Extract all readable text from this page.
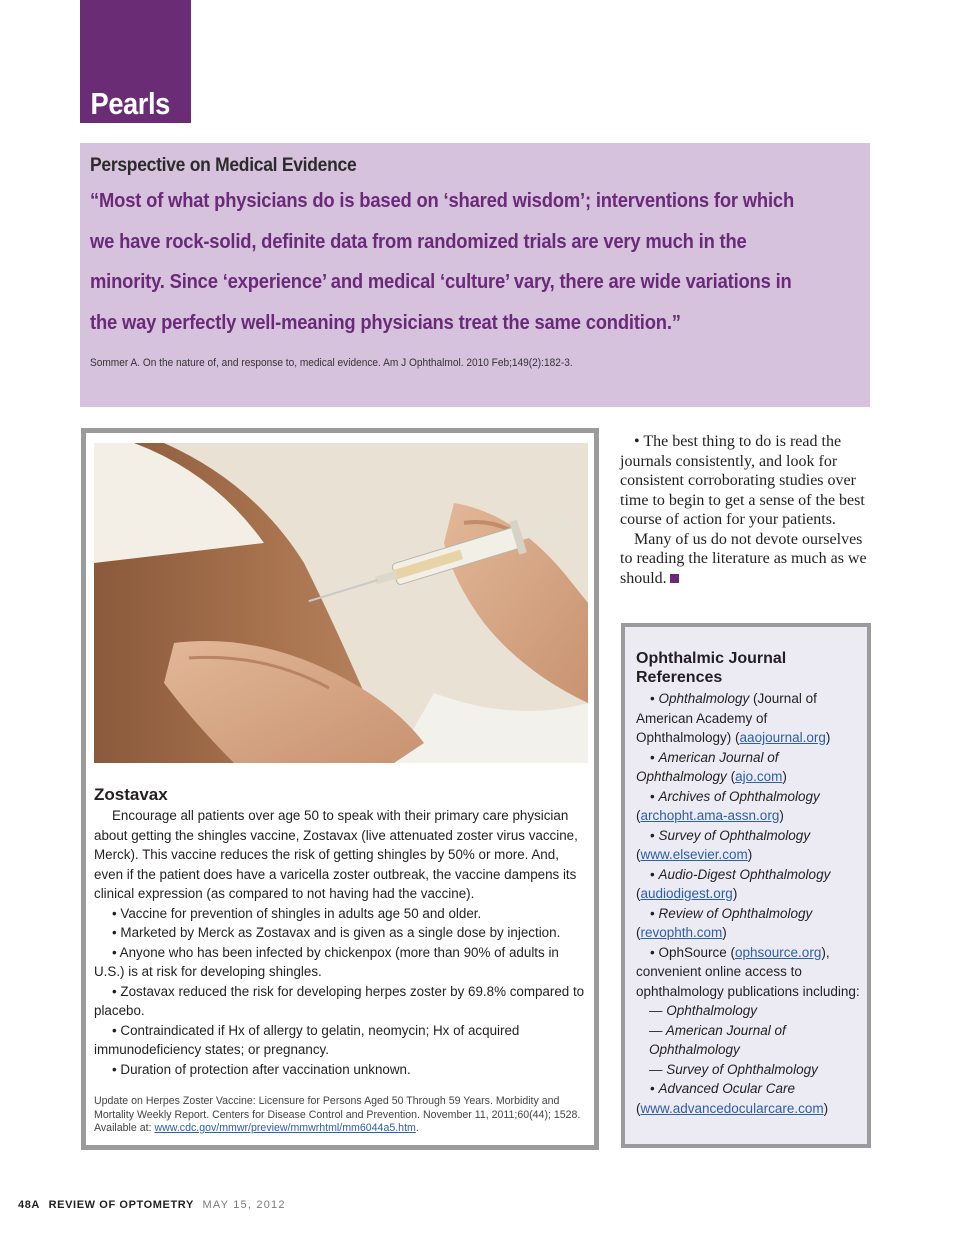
Pearls
Perspective on Medical Evidence
“Most of what physicians do is based on ‘shared wisdom’; interventions for which
we have rock-solid, definite data from randomized trials are very much in the
minority. Since ‘experience’ and medical ‘culture’ vary, there are wide variations in
the way perfectly well-meaning physicians treat the same condition.”
Sommer A. On the nature of, and response to, medical evidence. Am J Ophthalmol. 2010 Feb;149(2):182-3.
Zostavax

Encourage all patients over age 50 to speak with their primary care physician about getting the shingles vaccine, Zostavax (live attenuated zoster virus vaccine, Merck). This vaccine reduces the risk of getting shingles by 50% or more. And, even if the patient does have a varicella zoster outbreak, the vaccine dampens its clinical expression (as compared to not having had the vaccine).

• Vaccine for prevention of shingles in adults age 50 and older.

• Marketed by Merck as Zostavax and is given as a single dose by injection.

• Anyone who has been infected by chickenpox (more than 90% of adults in U.S.) is at risk for developing shingles.

• Zostavax reduced the risk for developing herpes zoster by 69.8% compared to placebo.

• Contraindicated if Hx of allergy to gelatin, neomycin; Hx of acquired immunodeficiency states; or pregnancy.

• Duration of protection after vaccination unknown.

Update on Herpes Zoster Vaccine: Licensure for Persons Aged 50 Through 59 Years. Morbidity and Mortality Weekly Report. Centers for Disease Control and Prevention. November 11, 2011;60(44); 1528. Available at: www.cdc.gov/mmwr/preview/mmwrhtml/mm6044a5.htm.

• The best thing to do is read the journals consistently, and look for consistent corroborating studies over time to begin to get a sense of the best course of action for your patients.

Many of us do not devote ourselves to reading the literature as much as we should.

Ophthalmic Journal References

• Ophthalmology (Journal of American Academy of Ophthalmology) (aaojournal.org)

• American Journal of Ophthalmology (ajo.com)

• Archives of Ophthalmology (archopht.ama-assn.org)

• Survey of Ophthalmology (www.elsevier.com)

• Audio-Digest Ophthalmology (audiodigest.org)

• Review of Ophthalmology (revophth.com)

• OphSource (ophsource.org), convenient online access to ophthalmology publications including:

— Ophthalmology

— American Journal of Ophthalmology

— Survey of Ophthalmology

• Advanced Ocular Care (www.advancedocularcare.com)

48A REVIEW OF OPTOMETRY MAY 15, 2012
